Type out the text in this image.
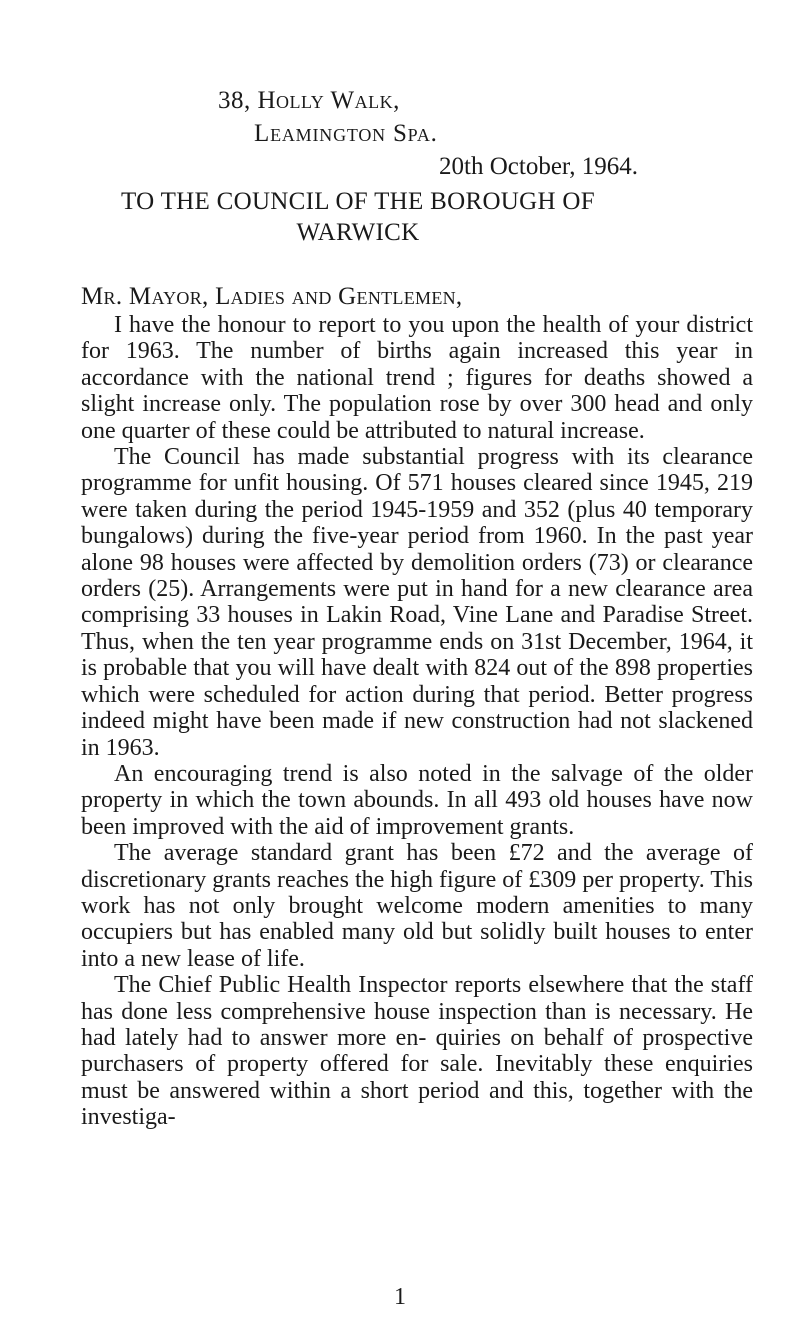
38, Holly Walk,
Leamington Spa.
20th October, 1964.
TO THE COUNCIL OF THE BOROUGH OF
WARWICK
Mr. Mayor, Ladies and Gentlemen,

I have the honour to report to you upon the health of your district for 1963. The number of births again increased this year in accordance with the national trend ; figures for deaths showed a slight increase only. The population rose by over 300 head and only one quarter of these could be attributed to natural increase.

The Council has made substantial progress with its clearance programme for unfit housing. Of 571 houses cleared since 1945, 219 were taken during the period 1945-1959 and 352 (plus 40 temporary bungalows) during the five-year period from 1960. In the past year alone 98 houses were affected by demolition orders (73) or clearance orders (25). Arrangements were put in hand for a new clearance area comprising 33 houses in Lakin Road, Vine Lane and Paradise Street. Thus, when the ten year programme ends on 31st December, 1964, it is probable that you will have dealt with 824 out of the 898 properties which were scheduled for action during that period. Better progress indeed might have been made if new construction had not slackened in 1963.

An encouraging trend is also noted in the salvage of the older property in which the town abounds. In all 493 old houses have now been improved with the aid of improvement grants.

The average standard grant has been £72 and the average of discretionary grants reaches the high figure of £309 per property. This work has not only brought welcome modern amenities to many occupiers but has enabled many old but solidly built houses to enter into a new lease of life.

The Chief Public Health Inspector reports elsewhere that the staff has done less comprehensive house inspection than is necessary. He had lately had to answer more en- quiries on behalf of prospective purchasers of property offered for sale. Inevitably these enquiries must be answered within a short period and this, together with the investiga-

1
